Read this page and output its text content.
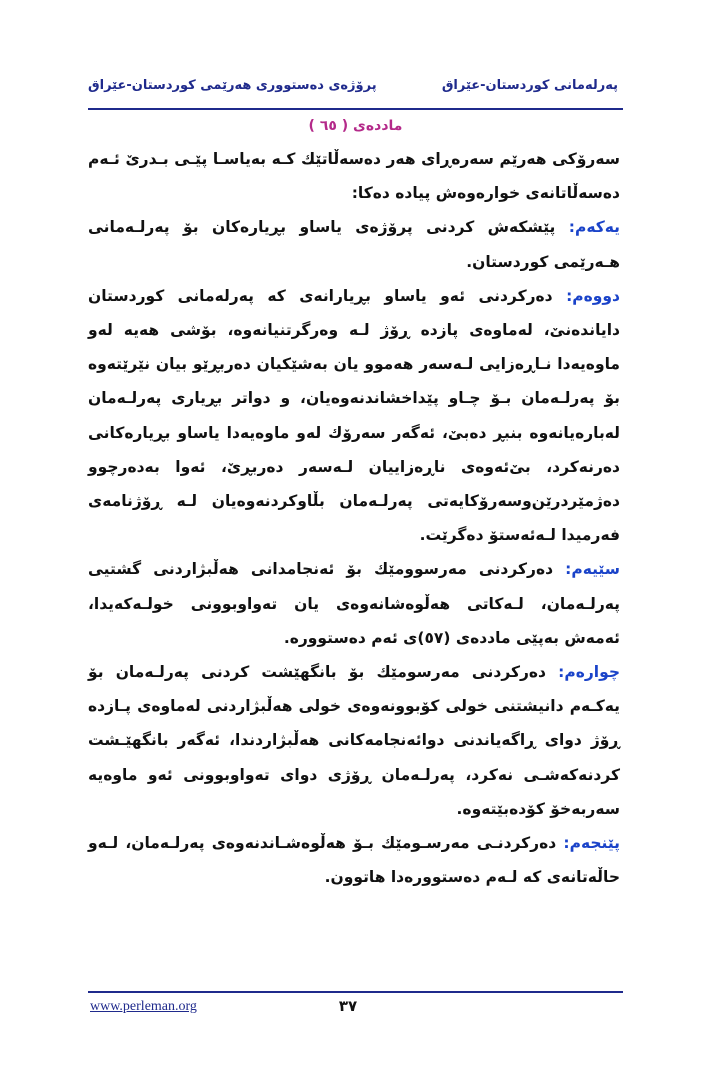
پەرلەمانی کوردستان-عێراق
پرۆژەی دەستووری هەرێمی کوردستان-عێراق
ماددەی ( ٦٥ )

سەرۆکی هەرێم سەرەڕای هەر دەسەڵاتێك كـه بەیاسـا پێـی بـدرێ ئـەم دەسەڵاتانەی خوارەوەش پیادە دەكا:

یەكەم: پێشكەش كردنی پرۆژەی یاساو بڕیارەكان بۆ پەرلـەمانی هـەرێمی كوردستان.

دووەم: دەرکردنی ئەو یاساو بڕیارانەی كە پەرلەمانی کوردستان دایاندەنێ، لەماوەی پازدە ڕۆژ لـە وەرگرتنیانەوە، بۆشی هەیە لەو ماوەیەدا نـاڕەزایی لـەسەر هەموو یان بەشێكیان دەربڕێو بیان نێرێتەوە بۆ پەرلـەمان بـۆ چـاو پێداخشاندنەوەیان، و دواتر بڕیاری پەرلـەمان لەبارەیانەوە بنبڕ دەبێ، ئەگەر سەرۆك لەو ماوەیەدا یاساو بڕیارەكانی دەرنەكرد، بێ‌ئەوەی ناڕەزاییان لـەسەر دەربڕێ، ئەوا بەدەرچوو دەژمێردرێن‌وسەرۆكایەتی پەرلـەمان بڵاوكردنەوەیان لـە ڕۆژنامەی فەرمیدا لـەئەستۆ دەگرێت.

سێیەم: دەرکردنی مەرسوومێك بۆ ئەنجامدانی هەڵبژاردنی گشتیی پەرلـەمان، لـەكاتی هەڵوەشانەوەی یان تەواوبوونی خولـەكەیدا، ئەمەش بەپێی ماددەی (٥٧)ی ئەم دەستوورە.

چوارەم: دەرکردنی مەرسومێك بۆ بانگهێشت كردنی پەرلـەمان بۆ یەكـەم دانیشتنی خولی كۆبوونەوەی خولی هەڵبژاردنی لەماوەی پـازدە ڕۆژ دوای ڕاگەیاندنی دوائەنجامەكانی هەڵبژاردندا، ئەگەر بانگهێـشت كردنەكەشـی نەكرد، پەرلـەمان ڕۆژی دوای تەواوبوونی ئەو ماوەیە سەربەخۆ كۆدەبێتەوە.

پێنجەم: دەرکردنـی مەرسـومێك بـۆ هەڵوەشـاندنەوەی پەرلـەمان، لـەو حاڵەتانەی كە لـەم دەستوورەدا هاتوون.

www.perleman.org	٣٧
